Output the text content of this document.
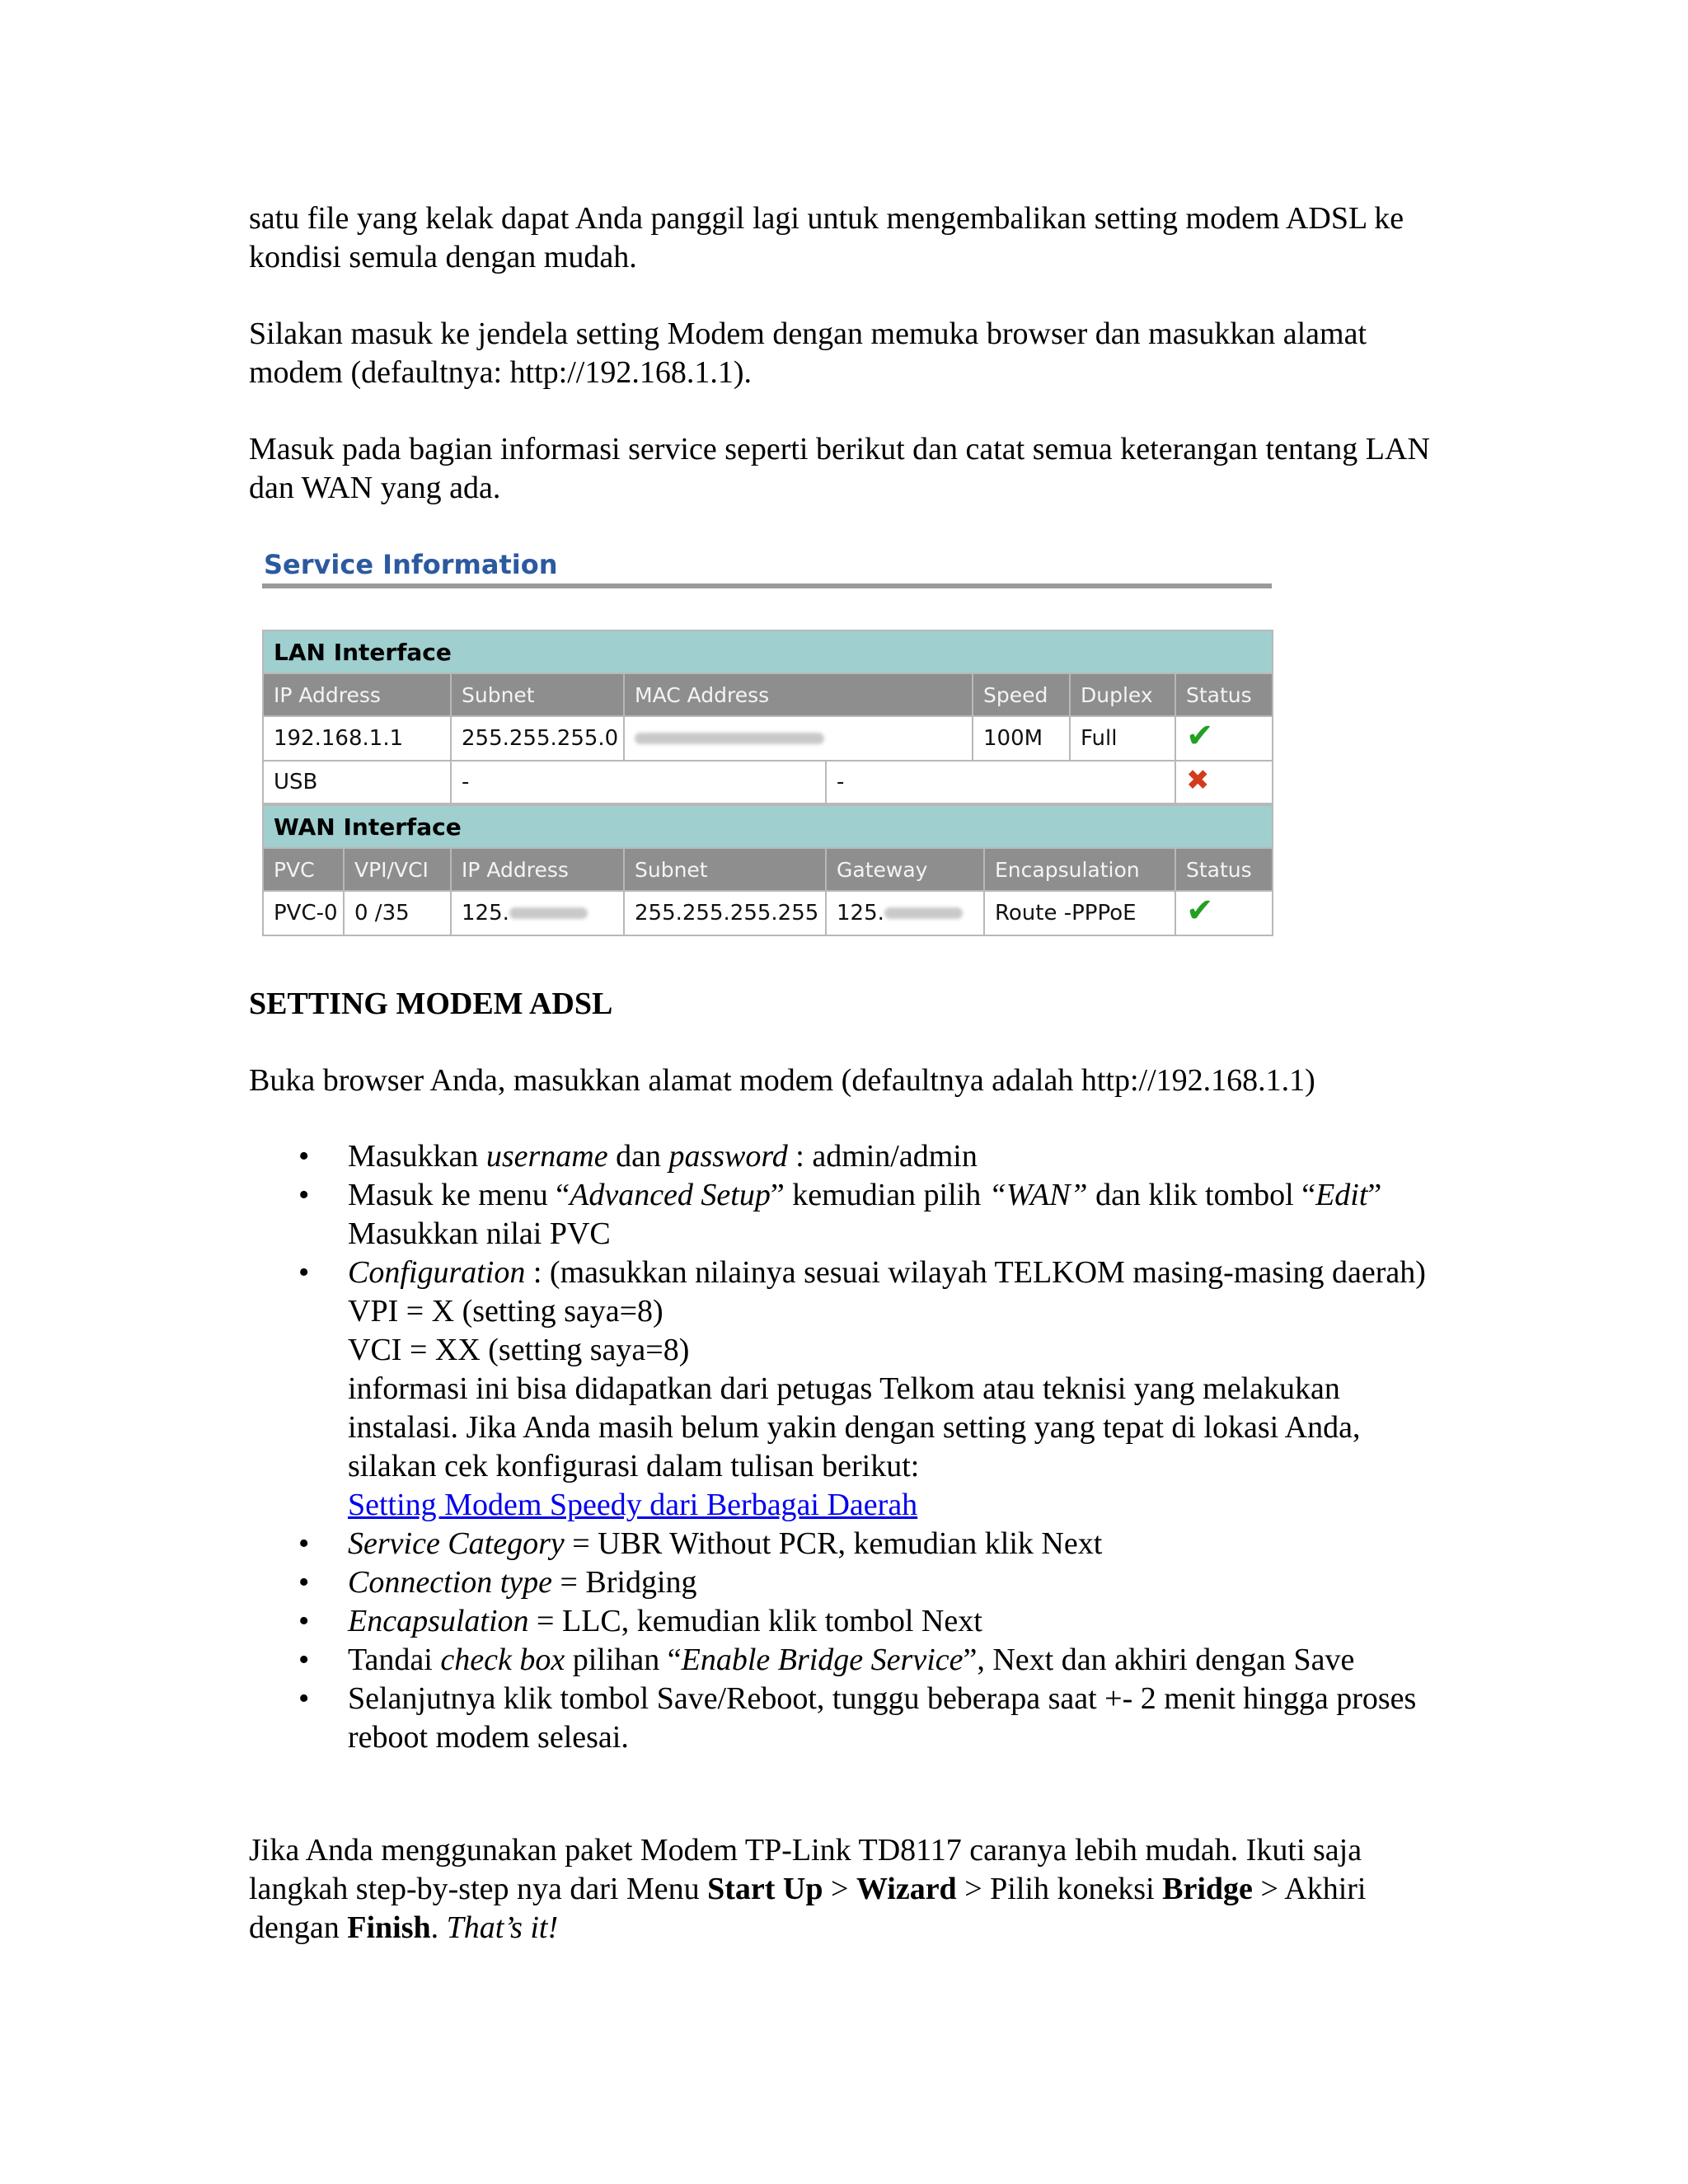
satu file yang kelak dapat Anda panggil lagi untuk mengembalikan setting modem ADSL ke kondisi semula dengan mudah.

Silakan masuk ke jendela setting Modem dengan memuka browser dan masukkan alamat modem (defaultnya: http://192.168.1.1).

Masuk pada bagian informasi service seperti berikut dan catat semua keterangan tentang LAN dan WAN yang ada.

Service Information
LAN Interface						
IP Address	Subnet	MAC Address		Speed	Duplex	Status
192.168.1.1	255.255.255.0			100M	Full	✔
USB	-		-			✖
WAN Interface						
PVC	VPI/VCI	IP Address	Subnet	Gateway	Encapsulation	Status
PVC-0	0 /35	125.	255.255.255.255	125.	Route -PPPoE	✔

SETTING MODEM ADSL

Buka browser Anda, masukkan alamat modem (defaultnya adalah http://192.168.1.1)

• Masukkan username dan password : admin/admin
• Masuk ke menu “Advanced Setup” kemudian pilih “WAN” dan klik tombol “Edit” Masukkan nilai PVC
• Configuration : (masukkan nilainya sesuai wilayah TELKOM masing-masing daerah)
VPI = X (setting saya=8)
VCI = XX (setting saya=8)
informasi ini bisa didapatkan dari petugas Telkom atau teknisi yang melakukan instalasi. Jika Anda masih belum yakin dengan setting yang tepat di lokasi Anda, silakan cek konfigurasi dalam tulisan berikut:
Setting Modem Speedy dari Berbagai Daerah
• Service Category = UBR Without PCR, kemudian klik Next
• Connection type = Bridging
• Encapsulation = LLC, kemudian klik tombol Next
• Tandai check box pilihan “Enable Bridge Service”, Next dan akhiri dengan Save
• Selanjutnya klik tombol Save/Reboot, tunggu beberapa saat +- 2 menit hingga proses reboot modem selesai.

Jika Anda menggunakan paket Modem TP-Link TD8117 caranya lebih mudah. Ikuti saja langkah step-by-step nya dari Menu Start Up > Wizard > Pilih koneksi Bridge > Akhiri dengan Finish. That’s it!
